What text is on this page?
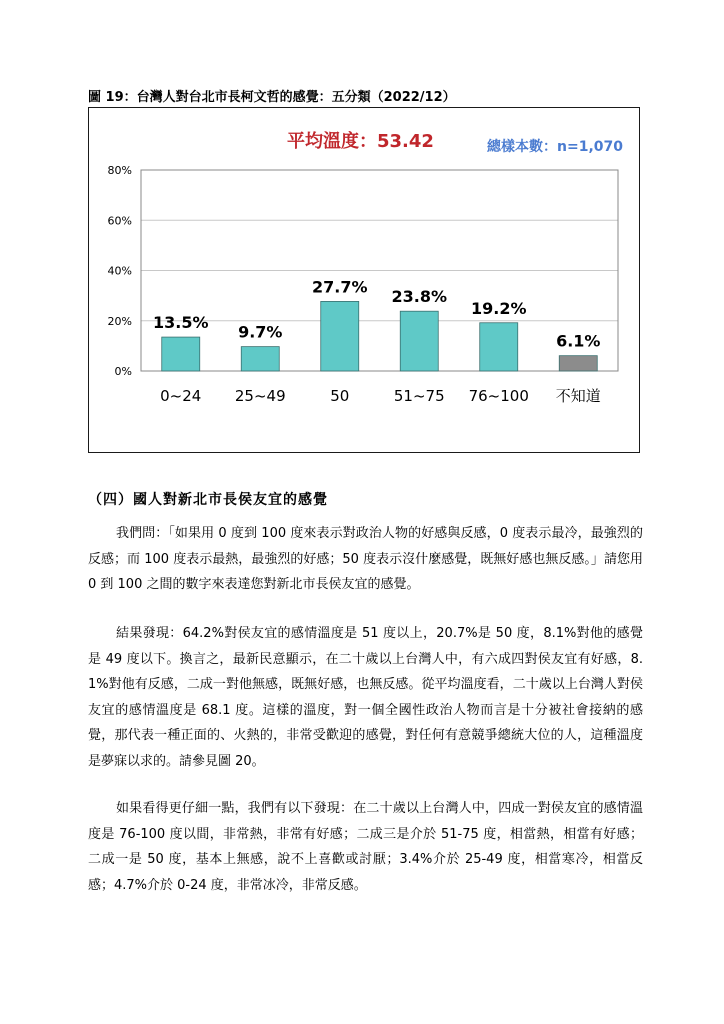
圖 19：台灣人對台北市長柯文哲的感覺：五分類（2022/12）
平均溫度：53.42	總樣本數：n=1,070
0%
20%
40%
60%
80%
13.5%
0~24
9.7%
25~49
27.7%
50
23.8%
51~75
19.2%
76~100
6.1%
不知道
（四）國人對新北市長侯友宜的感覺

我們問：「如果用 0 度到 100 度來表示對政治人物的好感與反感，0 度表示最冷，最強烈的反感；而 100 度表示最熱，最強烈的好感；50 度表示沒什麼感覺，既無好感也無反感。」請您用 0 到 100 之間的數字來表達您對新北市長侯友宜的感覺。

結果發現：64.2%對侯友宜的感情溫度是 51 度以上，20.7%是 50 度，8.1%對他的感覺是 49 度以下。換言之，最新民意顯示，在二十歲以上台灣人中，有六成四對侯友宜有好感，8.1%對他有反感，二成一對他無感，既無好感，也無反感。從平均溫度看，二十歲以上台灣人對侯友宜的感情溫度是 68.1 度。這樣的溫度，對一個全國性政治人物而言是十分被社會接納的感覺，那代表一種正面的、火熱的，非常受歡迎的感覺，對任何有意競爭總統大位的人，這種溫度是夢寐以求的。請參見圖 20。

如果看得更仔細一點，我們有以下發現：在二十歲以上台灣人中，四成一對侯友宜的感情溫度是 76-100 度以間，非常熱，非常有好感；二成三是介於 51-75 度，相當熱，相當有好感；二成一是 50 度，基本上無感，說不上喜歡或討厭；3.4%介於 25-49 度，相當寒冷，相當反感；4.7%介於 0-24 度，非常冰冷，非常反感。
